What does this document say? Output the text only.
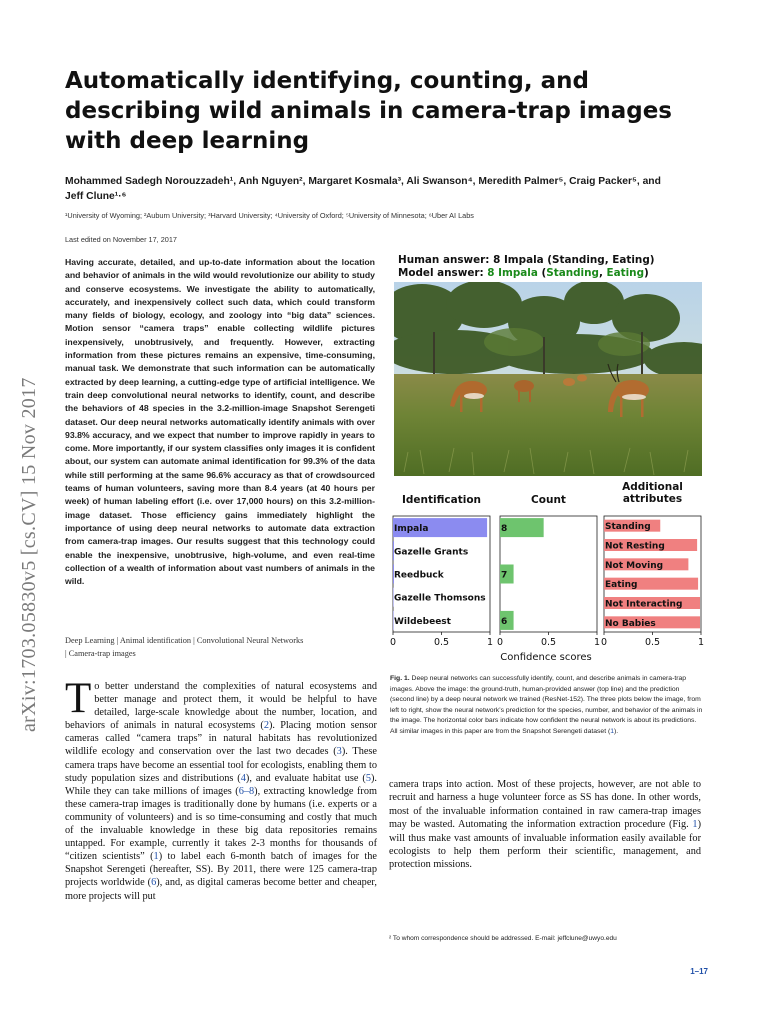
arXiv:1703.05830v5 [cs.CV] 15 Nov 2017
Automatically identifying, counting, and describing wild animals in camera-trap images with deep learning
Mohammed Sadegh Norouzzadeh¹, Anh Nguyen², Margaret Kosmala³, Ali Swanson⁴, Meredith Palmer⁵, Craig Packer⁵, and
Jeff Clune¹·⁶
¹University of Wyoming; ²Auburn University; ³Harvard University; ⁴University of Oxford; ⁵University of Minnesota; ⁶Uber AI Labs
Last edited on November 17, 2017
Having accurate, detailed, and up-to-date information about the location and behavior of animals in the wild would revolutionize our ability to study and conserve ecosystems. We investigate the ability to automatically, accurately, and inexpensively collect such data, which could transform many fields of biology, ecology, and zoology into “big data” sciences. Motion sensor “camera traps” enable collecting wildlife pictures inexpensively, unobtrusively, and frequently. However, extracting information from these pictures remains an expensive, time-consuming, manual task. We demonstrate that such information can be automatically extracted by deep learning, a cutting-edge type of artificial intelligence. We train deep convolutional neural networks to identify, count, and describe the behaviors of 48 species in the 3.2-million-image Snapshot Serengeti dataset. Our deep neural networks automatically identify animals with over 93.8% accuracy, and we expect that number to improve rapidly in years to come. More importantly, if our system classifies only images it is confident about, our system can automate animal identification for 99.3% of the data while still performing at the same 96.6% accuracy as that of crowdsourced teams of human volunteers, saving more than 8.4 years (at 40 hours per week) of human labeling effort (i.e. over 17,000 hours) on this 3.2-million-image dataset. Those efficiency gains immediately highlight the importance of using deep neural networks to automate data extraction from camera-trap images. Our results suggest that this technology could enable the inexpensive, unobtrusive, high-volume, and even real-time collection of a wealth of information about vast numbers of animals in the wild.
Deep Learning | Animal identification | Convolutional Neural Networks
| Camera-trap images
To better understand the complexities of natural ecosystems and better manage and protect them, it would be helpful to have detailed, large-scale knowledge about the number, location, and behaviors of animals in natural ecosystems (2). Placing motion sensor cameras called “camera traps” in natural habitats has revolutionized wildlife ecology and conservation over the last two decades (3). These camera traps have become an essential tool for ecologists, enabling them to study population sizes and distributions (4), and evaluate habitat use (5). While they can take millions of images (6–8), extracting knowledge from these camera-trap images is traditionally done by humans (i.e. experts or a community of volunteers) and is so time-consuming and costly that much of the invaluable knowledge in these big data repositories remains untapped. For example, currently it takes 2-3 months for thousands of “citizen scientists” (1) to label each 6-month batch of images for the Snapshot Serengeti (hereafter, SS). By 2011, there were 125 camera-trap projects worldwide (6), and, as digital cameras become better and cheaper, more projects will put
Human answer: 8 Impala (Standing, Eating)
Model answer: 8 Impala (Standing, Eating)
Identification
Impala
Gazelle Grants
Reedbuck
Gazelle Thomsons
Wildebeest
0	0.5	1
Count
8
7
6
0	0.5	1
Additional
attributes
Standing
Not Resting
Not Moving
Eating
Not Interacting
No Babies
0	0.5	1
Confidence scores
Fig. 1. Deep neural networks can successfully identify, count, and describe animals in camera-trap images. Above the image: the ground-truth, human-provided answer (top line) and the prediction (second line) by a deep neural network we trained (ResNet-152). The three plots below the image, from left to right, show the neural network’s prediction for the species, number, and behavior of the animals in the image. The horizontal color bars indicate how confident the neural network is about its predictions. All similar images in this paper are from the Snapshot Serengeti dataset (1).
camera traps into action. Most of these projects, however, are not able to recruit and harness a huge volunteer force as SS has done. In other words, most of the invaluable information contained in raw camera-trap images may be wasted. Automating the information extraction procedure (Fig. 1) will thus make vast amounts of invaluable information easily available for ecologists to help them perform their scientific, management, and protection missions.
² To whom correspondence should be addressed. E-mail: jeffclune@uwyo.edu
1–17
